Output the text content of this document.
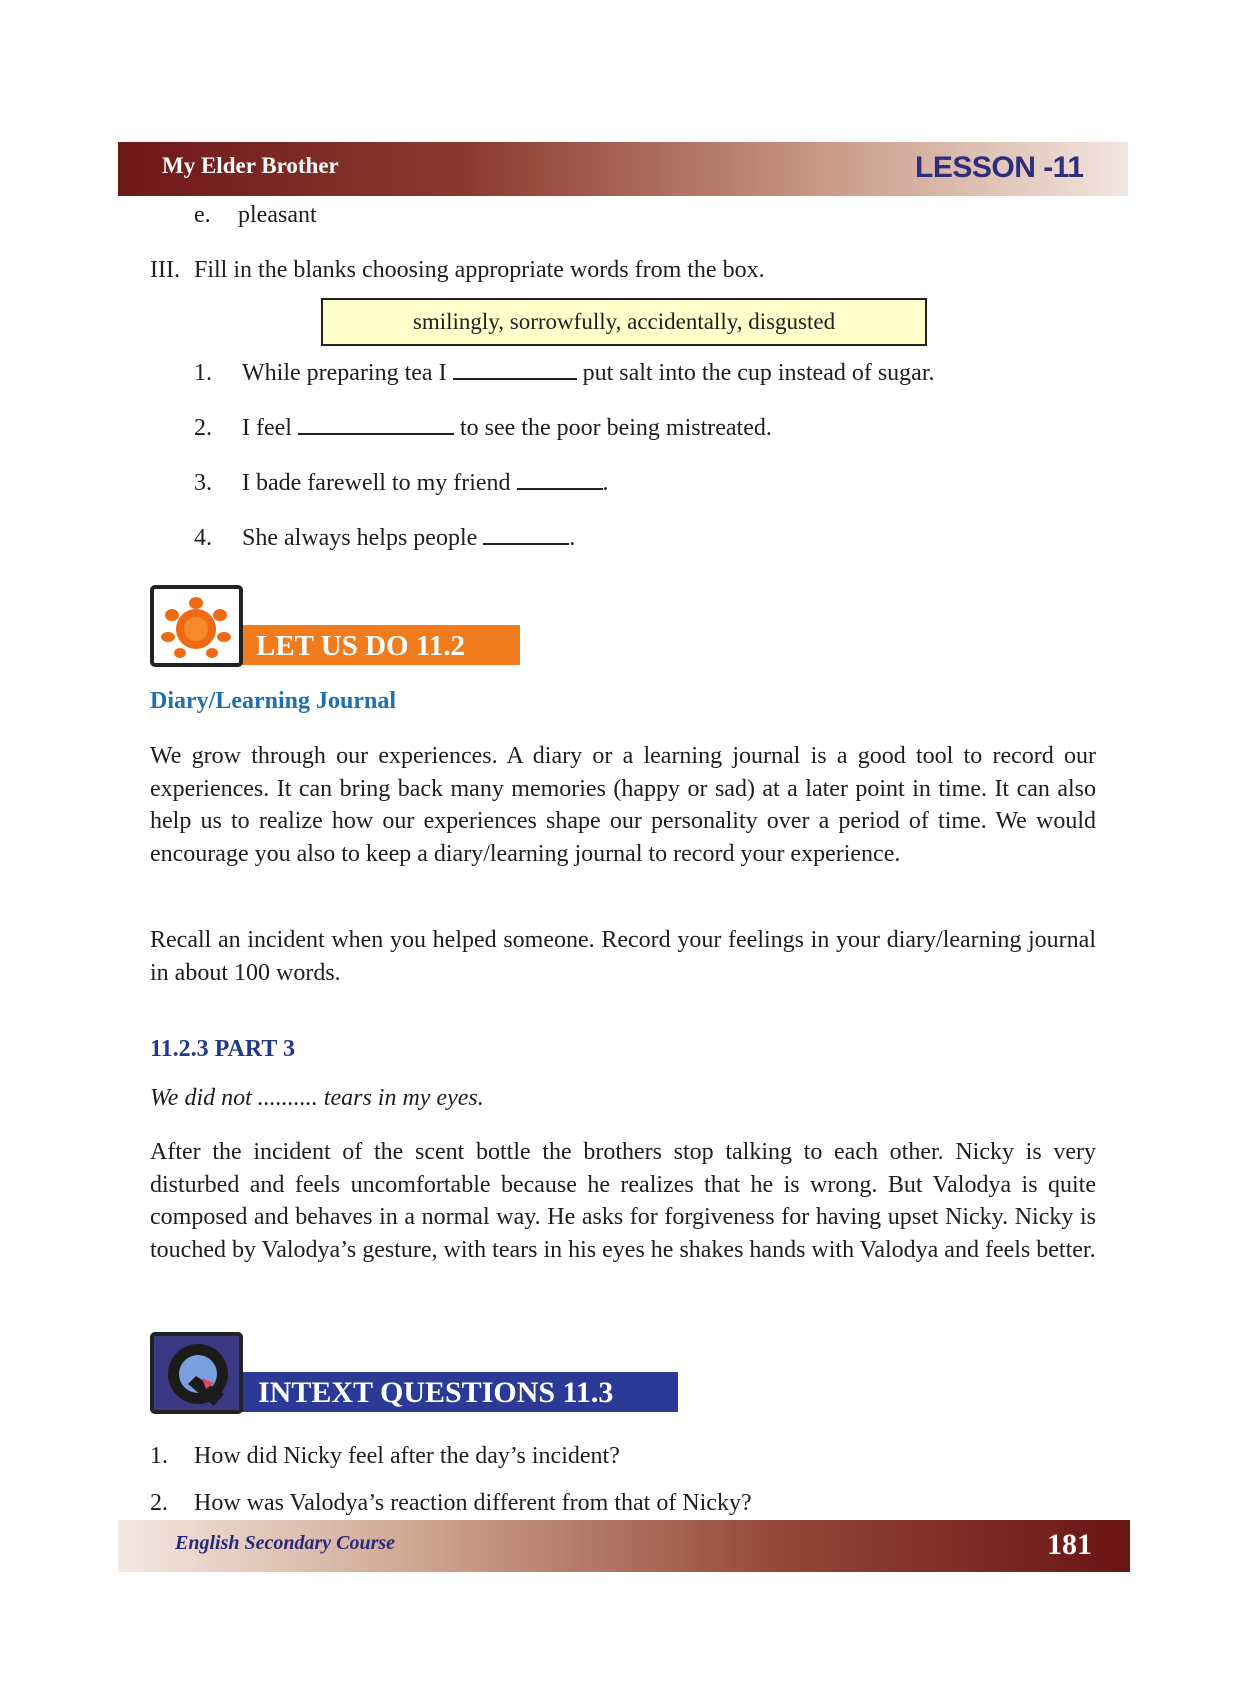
My Elder Brother	LESSON -11
e. pleasant
III. Fill in the blanks choosing appropriate words from the box.
smilingly, sorrowfully, accidentally, disgusted
1. While preparing tea I	put salt into the cup instead of sugar.
2. I feel	to see the poor being mistreated.
3. I bade farewell to my friend	.
4. She always helps people	.
LET US DO 11.2
Diary/Learning Journal
We grow through our experiences. A diary or a learning journal is a good tool to record our experiences. It can bring back many memories (happy or sad) at a later point in time. It can also help us to realize how our experiences shape our personality over a period of time. We would encourage you also to keep a diary/learning journal to record your experience.
Recall an incident when you helped someone. Record your feelings in your diary/learning journal in about 100 words.
11.2.3 PART 3
We did not .......... tears in my eyes.
After the incident of the scent bottle the brothers stop talking to each other. Nicky is very disturbed and feels uncomfortable because he realizes that he is wrong. But Valodya is quite composed and behaves in a normal way. He asks for forgiveness for having upset Nicky. Nicky is touched by Valodya’s gesture, with tears in his eyes he shakes hands with Valodya and feels better.
INTEXT QUESTIONS 11.3
1. How did Nicky feel after the day’s incident?
2. How was Valodya’s reaction different from that of Nicky?
English Secondary Course	181
